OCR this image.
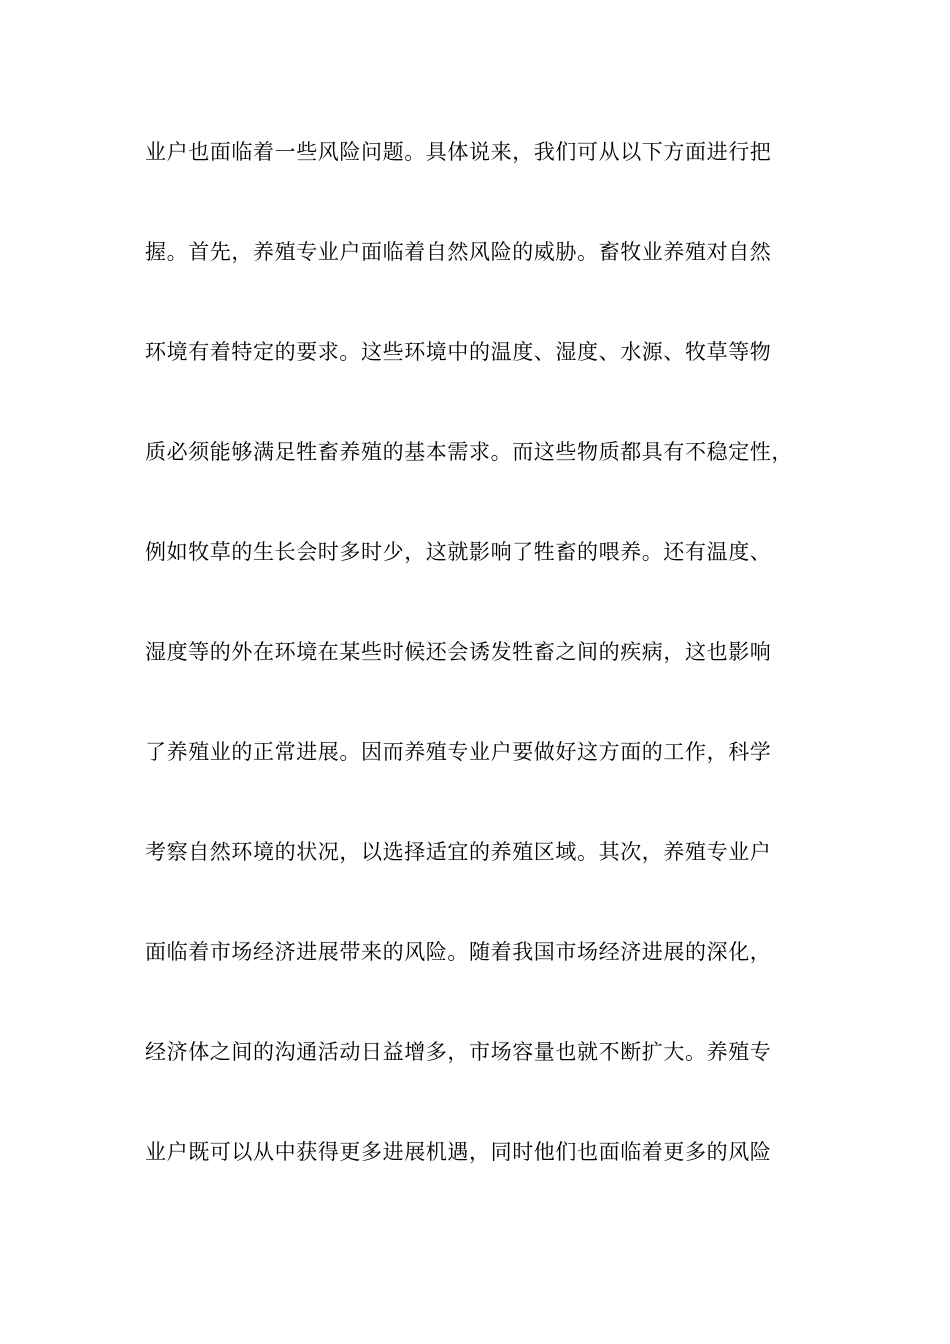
业户也面临着一些风险问题。具体说来，我们可从以下方面进行把
握。首先，养殖专业户面临着自然风险的威胁。畜牧业养殖对自然
环境有着特定的要求。这些环境中的温度、湿度、水源、牧草等物
质必须能够满足牲畜养殖的基本需求。而这些物质都具有不稳定性，
例如牧草的生长会时多时少，这就影响了牲畜的喂养。还有温度、
湿度等的外在环境在某些时候还会诱发牲畜之间的疾病，这也影响
了养殖业的正常进展。因而养殖专业户要做好这方面的工作，科学
考察自然环境的状况，以选择适宜的养殖区域。其次，养殖专业户
面临着市场经济进展带来的风险。随着我国市场经济进展的深化，
经济体之间的沟通活动日益增多，市场容量也就不断扩大。养殖专
业户既可以从中获得更多进展机遇，同时他们也面临着更多的风险
